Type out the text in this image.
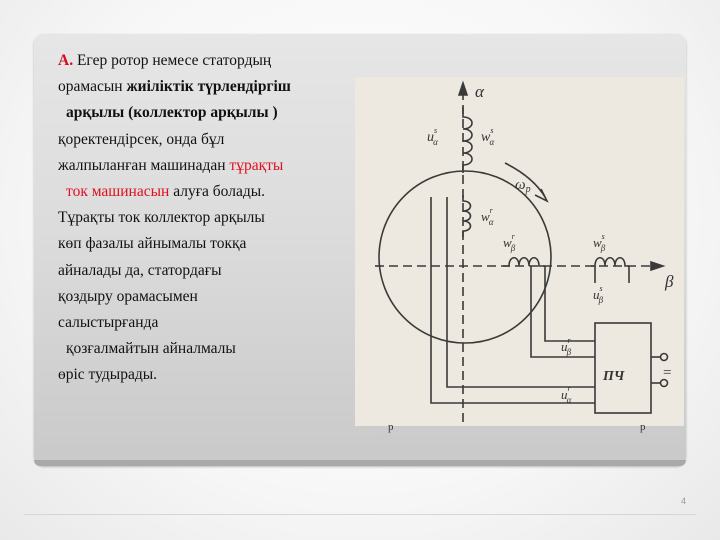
А. Егер ротор немесе статордың
орамасын жиіліктік түрлендіргіш
арқылы (коллектор арқылы )
қоректендірсек, онда бұл
жалпыланған машинадан тұрақты
ток машинасын алуға болады.
Тұрақты ток коллектор арқылы
көп фазалы айнымалы токқа
айналады да, статордағы
қоздыру орамасымен
салыстырғанда
қозғалмайтын айналмалы
өріс тудырады.
α
β
$\omega_р$
$u^s$ α	$w^s$ α
$w^r$ α
$w^r$ β	$w^s$ β
$u^s$ β
ПЧ
$u^r$ β
$u^r$ α
=
р	р
4
